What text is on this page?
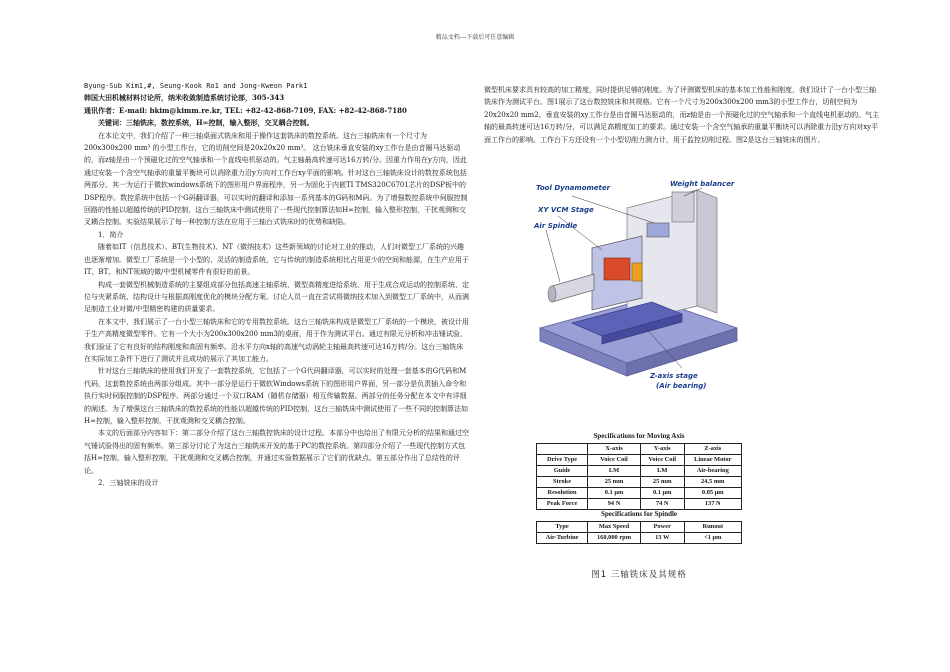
精品文档---下载后可任意编辑

Byung-Sub Kim1,#, Seung-Kook Ro1 and Jong-Kweon Park1

韩国大田机械材料讨论所，纳米收敛制造系统讨论部，305-343

通讯作者：E-mail: bkim@kimm.re.kr, TEL: +82-42-868-7109, FAX: +82-42-868-7180

关键词：三轴铣床，数控系统，H∞控制，输入整形，交叉耦合控制。

在本论文中，我们介绍了一种三轴桌面式铣床和用于操作这套铣床的数控系统。这台三轴铣床有一个尺寸为200x300x200 mm³ 的小型工作台，它的切削空间是20x20x20 mm³。 这台铣床垂直安装的xy工作台是由音圈马达驱动的，而z轴是由一个预磁化过的空气轴承和一个直线电机驱动的。气主轴最高转速可达16万转/分。因重力作用在y方向，因此通过安装一个含空气轴承的重量平衡块可以消除重力沿y方向对工作台xy平面的影响。针对这台三轴铣床设计的数控系统包括两部分。其一为运行于微软windows系统下的图形用户界面程序，另一为固化于内嵌TI TMS320C6701芯片的DSP板中的DSP程序。数控系统中包括一个G码翻译器，可以实时的翻译和添加一系列基本的G码和M码。为了增强数控系统中伺服控制回路的性能以超越传统的PID控制，这台三轴铣床中测试使用了一些现代控制算法如H∞控制，输入整形控制，干扰观测和交叉耦合控制。实验结果展示了每一种控制方法在应用于三轴台式铣床时的优势和缺陷。

1．简介

随着如IT（信息技术）、BT(生物技术)、NT（微纳技术）这些新领域的讨论对工业的推动，人们对微型工厂系统的兴趣也逐渐增加。微型工厂系统是一个小型的、灵活的制造系统，它与传统的制造系统相比占用更少的空间和能源，在生产应用于IT、BT、和NT领域的微/中型机械零件有很好的前景。

构成一套微型机械制造系统的主要组成部分包括高速主轴系统、微型高精度进给系统、用于生成合成运动的控制系统、定位与夹紧系统、结构设计与根据高刚度优化的模块分配方案。讨论人员一直在尝试将微纳技术加入到微型工厂系统中，从而满足制造工业对微/中型精密构建的质量要求。

在本文中，我们展示了一台小型三轴铣床和它的专用数控系统。这台三轴铣床构成是微型工厂系统的一个模块，被设计用于生产高精度微型零件。它有一个大小为200x300x200 mm3的桌面，用于作为测试平台。通过有限元分析和冲击锤试验，我们验证了它有良好的结构刚度和高固有频率。沿水平方向x轴的高速气动涡轮主轴最高转速可达16万转/分。这台三轴铣床在实际加工条件下进行了测试并且成功的展示了其加工能力。

针对这台三轴铣床的使用我们开发了一套数控系统，它包括了一个G代码翻译器，可以实时的处理一套基本的G代码和M代码，这套数控系统由两部分组成。其中一部分是运行于微软Windows系统下的图形用户界面，另一部分是负责插入命令和执行实时伺服控制的DSP程序。两部分通过一个双口RAM（随机存储器）相互传输数据。两部分的任务分配在本文中有详细的阐述。为了增强这台三轴铣床的数控系统的性能以超越传统的PID控制，这台三轴铣床中测试使用了一些不同的控制算法如H∞控制，输入整形控制，干扰观测和交叉耦合控制。

本文的后面部分内容如下：第二部分介绍了这台三轴数控铣床的设计过程。本部分中也给出了有限元分析的结果和通过空气锤试验得出的固有频率。第三部分讨论了为这台三轴铣床开发的基于PC的数控系统。第四部分介绍了一些现代控制方式包括H∞控制，输入整形控制，干扰观测和交叉耦合控制，并通过实验数据展示了它们的优缺点。第五部分作出了总结性的评论。

2．三轴铣床的设计

微型机床要求具有较高的加工精度，同时提供足够的刚度。为了评测微型机床的基本加工性能和刚度，我们设计了一台小型三轴铣床作为测试平台。图1展示了这台数控铣床和其规格。它有一个尺寸为200x300x200 mm3的小型工作台，切削空间为20x20x20 mm2。垂直安装的xy工作台是由音圈马达驱动的，而z轴是由一个预磁化过的空气轴承和一个直线电机驱动的。气主轴的最高转速可达16万转/分，可以满足高精度加工的要求。通过安装一个含空气轴承的重量平衡块可以消除重力沿y方向对xy平面工作台的影响。工作台下方还设有一个小型切削力测力计，用于监控切削过程。图2是这台三轴铣床的图片。

Tool Dynamometer	Weight balancer
XY VCM Stage
Air Spindle
Z-axis stage
(Air bearing)
Specifications for Moving Axis			
	X-axis	Y-axis	Z-axis
Drive Type	Voice Coil	Voice Coil	Linear Motor
Guide	LM	LM	Air-bearing
Stroke	25 mm	25 mm	24.5 mm
Resolution	0.1 μm	0.1 μm	0.05 μm
Peak Force	94 N	74 N	137 N
Specifications for Spindle			
Type	Max Speed	Power	Runout
Air-Turbine	160,000 rpm	13 W	<1 μm
图1 三轴铣床及其规格
